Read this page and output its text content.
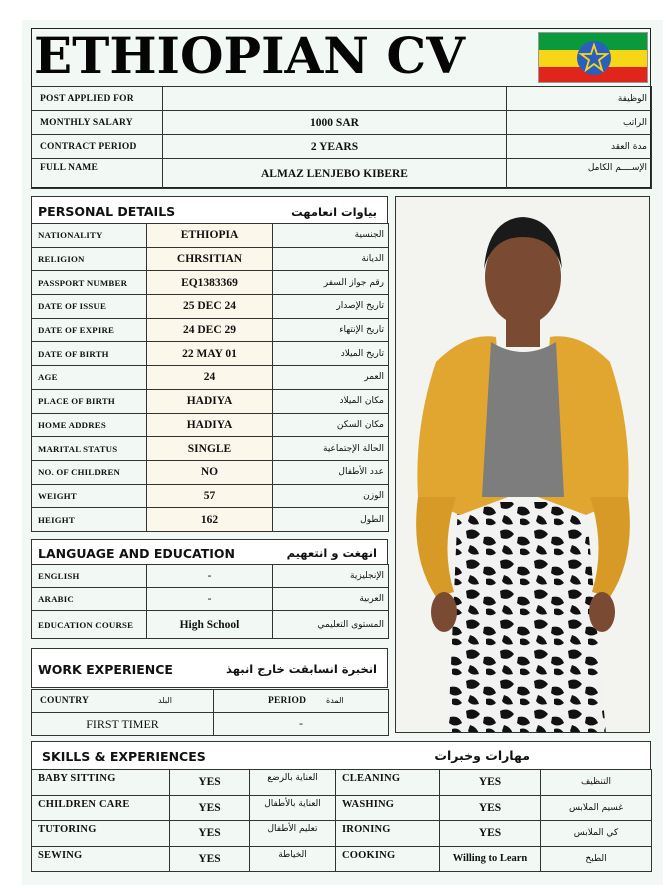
ETHIOPIAN CV
POST APPLIED FOR		الوظيفة
MONTHLY SALARY	1000 SAR	الراتب
CONTRACT PERIOD	2 YEARS	مدة العقد
FULL NAME	ALMAZ LENJEBO KIBERE	الإســــم الكامل
PERSONAL DETAILS	بياوات انعامهت
NATIONALITY	ETHIOPIA	الجنسية
RELIGION	CHRSITIAN	الديانة
PASSPORT NUMBER	EQ1383369	رقم جواز السفر
DATE OF ISSUE	25 DEC 24	تاريخ الإصدار
DATE OF EXPIRE	24 DEC 29	تاريخ الإنتهاء
DATE OF BIRTH	22 MAY 01	تاريخ الميلاد
AGE	24	العمر
PLACE OF BIRTH	HADIYA	مكان الميلاد
HOME ADDRES	HADIYA	مكان السكن
MARITAL STATUS	SINGLE	الحالة الإجتماعية
NO. OF CHILDREN	NO	عدد الأطفال
WEIGHT	57	الوزن
HEIGHT	162	الطول
LANGUAGE AND EDUCATION	انهغت و انتعهيم
ENGLISH	-	الإنجليزية
ARABIC	-	العربية
EDUCATION COURSE	High School	المستوى التعليمي
WORK EXPERIENCE	انخبرة انسابقت خارج انبهذ
COUNTRY البلد	PERIOD المدة

FIRST TIMER	-
SKILLS & EXPERIENCES	مهارات وخبرات
BABY SITTING	YES	العناية بالرضع	CLEANING	YES	التنظيف
CHILDREN CARE	YES	العناية بالأطفال	WASHING	YES	غسيم الملابس
TUTORING	YES	تعليم الأطفال	IRONING	YES	كي الملابس
SEWING	YES	الخياطة	COOKING	Willing to Learn	الطبخ
